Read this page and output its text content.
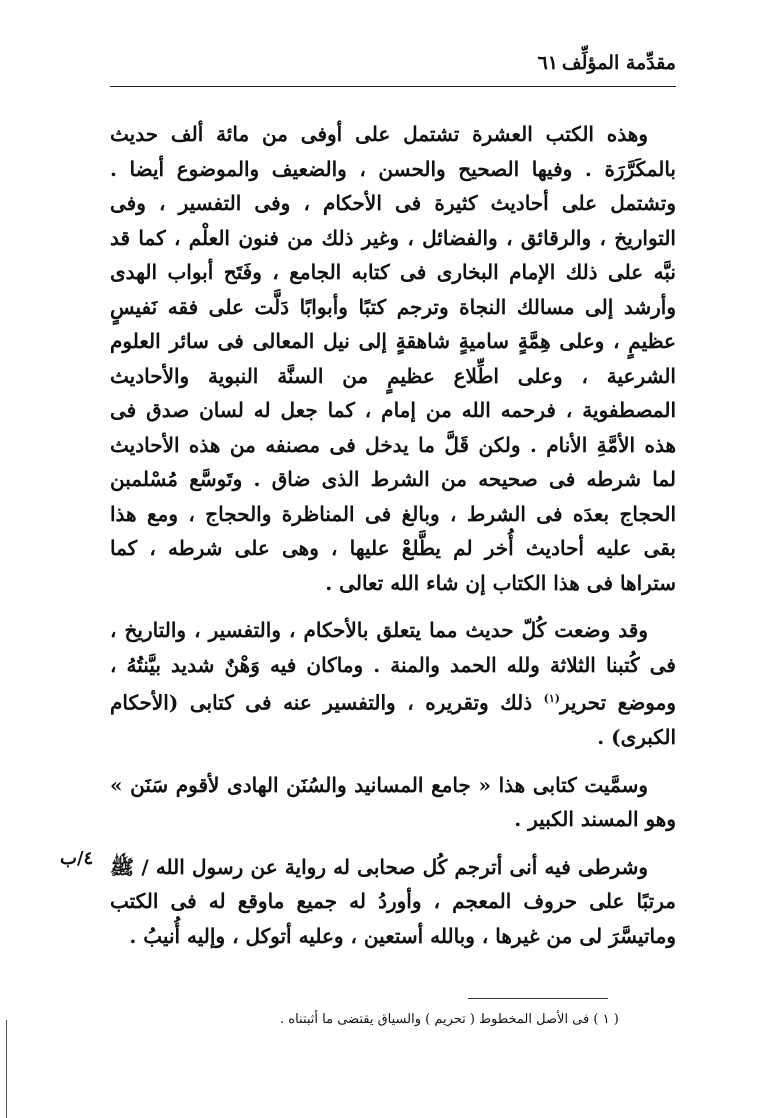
مقدِّمة المؤلِّف
٦١

وهذه الكتب العشرة تشتمل على أوفى من مائة ألف حديث بالمكَرَّرَة . وفيها الصحيح والحسن ، والضعيف والموضوع أيضا . وتشتمل على أحاديث كثيرة فى الأحكام ، وفى التفسير ، وفى التواريخ ، والرقائق ، والفضائل ، وغير ذلك من فنون العلْم ، كما قد نبَّه على ذلك الإمام البخارى فى كتابه الجامع ، وفَتَح أبواب الهدى وأرشد إلى مسالك النجاة وترجم كتبًا وأبوابًا دَلَّت على فقه نَفيسٍ عظيمٍ ، وعلى هِمَّةٍ ساميةٍ شاهقةٍ إلى نيل المعالى فى سائر العلوم الشرعية ، وعلى اطِّلاع عظيمٍ من السنَّة النبوية والأحاديث المصطفوية ، فرحمه الله من إمام ، كما جعل له لسان صدق فى هذه الأمَّةِ الأنام . ولكن قَلَّ ما يدخل فى مصنفه من هذه الأحاديث لما شرطه فى صحيحه من الشرط الذى ضاق . وتَوسَّع مُسْلمبن الحجاج بعدَه فى الشرط ، وبالغ فى المناظرة والحجاج ، ومع هذا بقى عليه أحاديث أُخر لم يطَّلعْ عليها ، وهى على شرطه ، كما ستراها فى هذا الكتاب إن شاء الله تعالى .

وقد وضعت كُلّ حديث مما يتعلق بالأحكام ، والتفسير ، والتاريخ ، فى كُتبنا الثلاثة ولله الحمد والمنة . وماكان فيه وَهْنٌ شديد بيَّنتُهُ ، وموضع تحرير$^{(١)}$ ذلك وتقريره ، والتفسير عنه فى كتابى (الأحكام الكبرى) .

وسمَّيت كتابى هذا « جامع المسانيد والسُنَن الهادى لأقوم سَنَن » وهو المسند الكبير .

وشرطى فيه أنى أترجم كُل صحابى له رواية عن رسول الله / ﷺ مرتبًا على حروف المعجم ، وأوردُ له جميع ماوقع له فى الكتب وماتيسَّرَ لى من غيرها ، وبالله أستعين ، وعليه أتوكل ، وإليه أُنيبُ .

٤/ب
( ١ ) فى الأصل المخطوط ( تحريم ) والسياق يقتضى ما أثبتناه .
